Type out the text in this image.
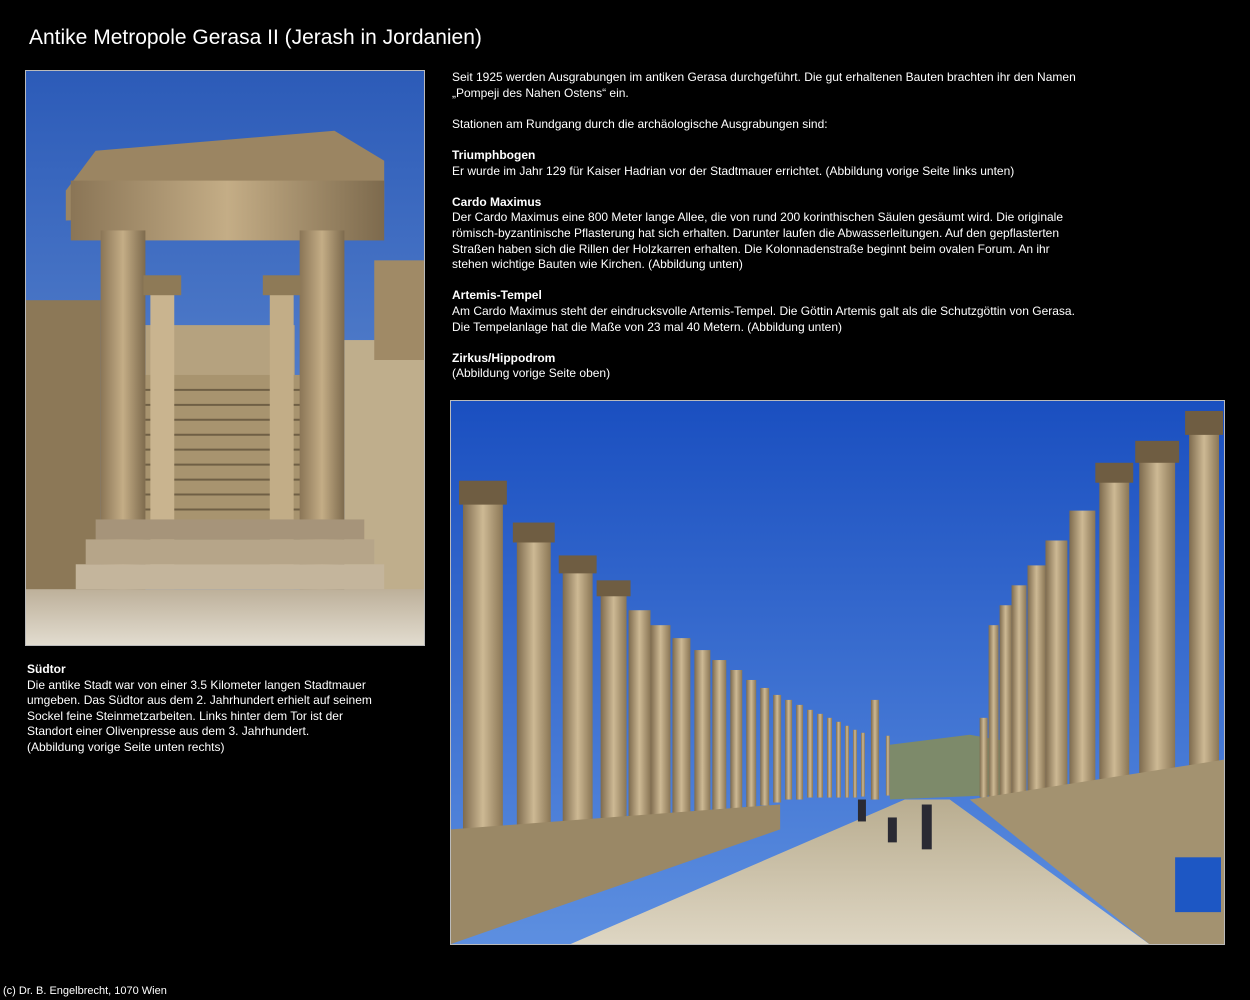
Antike Metropole Gerasa II (Jerash in Jordanien)
Südtor
Die antike Stadt war von einer 3.5 Kilometer langen Stadtmauer
umgeben. Das Südtor aus dem 2. Jahrhundert erhielt auf seinem
Sockel feine Steinmetzarbeiten. Links hinter dem Tor ist der
Standort einer Olivenpresse aus dem 3. Jahrhundert.
(Abbildung vorige Seite unten rechts)
Seit 1925 werden Ausgrabungen im antiken Gerasa durchgeführt. Die gut erhaltenen Bauten brachten ihr den Namen
„Pompeji des Nahen Ostens“ ein.
Stationen am Rundgang durch die archäologische Ausgrabungen sind:
Triumphbogen
Er wurde im Jahr 129 für Kaiser Hadrian vor der Stadtmauer errichtet. (Abbildung vorige Seite links unten)
Cardo Maximus
Der Cardo Maximus eine 800 Meter lange Allee, die von rund 200 korinthischen Säulen gesäumt wird. Die originale
römisch-byzantinische Pflasterung hat sich erhalten. Darunter laufen die Abwasserleitungen. Auf den gepflasterten
Straßen haben sich die Rillen der Holzkarren erhalten. Die Kolonnadenstraße beginnt beim ovalen Forum. An ihr
stehen wichtige Bauten wie Kirchen. (Abbildung unten)
Artemis-Tempel
Am Cardo Maximus steht der eindrucksvolle Artemis-Tempel. Die Göttin Artemis galt als die Schutzgöttin von Gerasa.
Die Tempelanlage hat die Maße von 23 mal 40 Metern. (Abbildung unten)
Zirkus/Hippodrom
(Abbildung vorige Seite oben)
(c) Dr. B. Engelbrecht, 1070 Wien
